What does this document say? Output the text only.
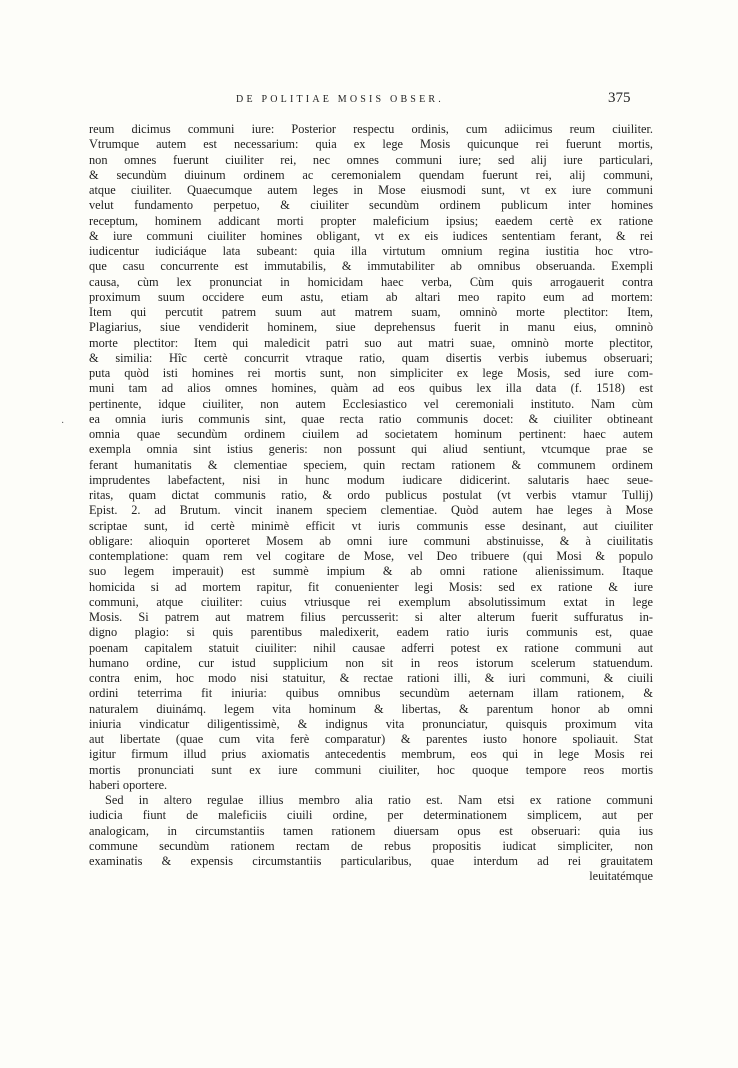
DE POLITIAE MOSIS OBSER.	375
·
reum dicimus communi iure: Posterior respectu ordinis, cum adiicimus reum ciuiliter.
Vtrumque autem est necessarium: quia ex lege Mosis quicunque rei fuerunt mortis,
non omnes fuerunt ciuiliter rei, nec omnes communi iure; sed alij iure particulari,
& secundùm diuinum ordinem ac ceremonialem quendam fuerunt rei, alij communi,
atque ciuiliter. Quaecumque autem leges in Mose eiusmodi sunt, vt ex iure communi
velut fundamento perpetuo, & ciuiliter secundùm ordinem publicum inter homines
receptum, hominem addicant morti propter maleficium ipsius; eaedem certè ex ratione
& iure communi ciuiliter homines obligant, vt ex eis iudices sententiam ferant, & rei
iudicentur iudiciáque lata subeant: quia illa virtutum omnium regina iustitia hoc vtro-
que casu concurrente est immutabilis, & immutabiliter ab omnibus obseruanda. Exempli
causa, cùm lex pronunciat in homicidam haec verba, Cùm quis arrogauerit contra
proximum suum occidere eum astu, etiam ab altari meo rapito eum ad mortem:
Item qui percutit patrem suum aut matrem suam, omninò morte plectitor: Item,
Plagiarius, siue vendiderit hominem, siue deprehensus fuerit in manu eius, omninò
morte plectitor: Item qui maledicit patri suo aut matri suae, omninò morte plectitor,
& similia: Hîc certè concurrit vtraque ratio, quam disertis verbis iubemus obseruari;
puta quòd isti homines rei mortis sunt, non simpliciter ex lege Mosis, sed iure com-
muni tam ad alios omnes homines, quàm ad eos quibus lex illa data (f. 1518) est
pertinente, idque ciuiliter, non autem Ecclesiastico vel ceremoniali instituto. Nam cùm
ea omnia iuris communis sint, quae recta ratio communis docet: & ciuiliter obtineant
omnia quae secundùm ordinem ciuilem ad societatem hominum pertinent: haec autem
exempla omnia sint istius generis: non possunt qui aliud sentiunt, vtcumque prae se
ferant humanitatis & clementiae speciem, quin rectam rationem & communem ordinem
imprudentes labefactent, nisi in hunc modum iudicare didicerint. salutaris haec seue-
ritas, quam dictat communis ratio, & ordo publicus postulat (vt verbis vtamur Tullij)
Epist. 2. ad Brutum. vincit inanem speciem clementiae. Quòd autem hae leges à Mose
scriptae sunt, id certè minimè efficit vt iuris communis esse desinant, aut ciuiliter
obligare: alioquin oporteret Mosem ab omni iure communi abstinuisse, & à ciuilitatis
contemplatione: quam rem vel cogitare de Mose, vel Deo tribuere (qui Mosi & populo
suo legem imperauit) est summè impium & ab omni ratione alienissimum. Itaque
homicida si ad mortem rapitur, fit conuenienter legi Mosis: sed ex ratione & iure
communi, atque ciuiliter: cuius vtriusque rei exemplum absolutissimum extat in lege
Mosis. Si patrem aut matrem filius percusserit: si alter alterum fuerit suffuratus in-
digno plagio: si quis parentibus maledixerit, eadem ratio iuris communis est, quae
poenam capitalem statuit ciuiliter: nihil causae adferri potest ex ratione communi aut
humano ordine, cur istud supplicium non sit in reos istorum scelerum statuendum.
contra enim, hoc modo nisi statuitur, & rectae rationi illi, & iuri communi, & ciuili
ordini teterrima fit iniuria: quibus omnibus secundùm aeternam illam rationem, &
naturalem diuinámq. legem vita hominum & libertas, & parentum honor ab omni
iniuria vindicatur diligentissimè, & indignus vita pronunciatur, quisquis proximum vita
aut libertate (quae cum vita ferè comparatur) & parentes iusto honore spoliauit. Stat
igitur firmum illud prius axiomatis antecedentis membrum, eos qui in lege Mosis rei
mortis pronunciati sunt ex iure communi ciuiliter, hoc quoque tempore reos mortis
haberi oportere.
Sed in altero regulae illius membro alia ratio est. Nam etsi ex ratione communi
iudicia fiunt de maleficiis ciuili ordine, per determinationem simplicem, aut per
analogicam, in circumstantiis tamen rationem diuersam opus est obseruari: quia ius
commune secundùm rationem rectam de rebus propositis iudicat simpliciter, non
examinatis & expensis circumstantiis particularibus, quae interdum ad rei grauitatem
leuitatémque
